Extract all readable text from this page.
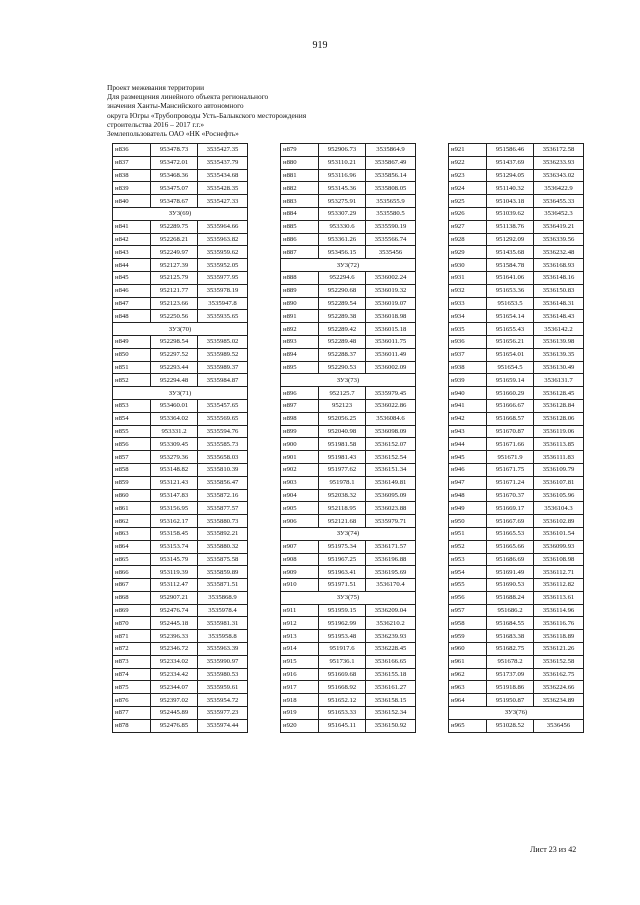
919
Проект межевания территории
Для размещения линейного объекта регионального
значения Ханты-Мансийского автономного
округа Югры «Трубопроводы Усть-Балыкского месторождения
строительства 2016 – 2017 г.г.»
Землепользователь ОАО «НК «Роснефть»
н836	953478.73	3535427.35
н837	953472.01	3535437.79
н838	953468.36	3535434.68
н839	953475.07	3535428.35
н840	953478.67	3535427.33
ЗУ3(69)		
н841	952289.75	3535964.66
н842	952268.21	3535963.82
н843	952249.97	3535959.62
н844	952127.39	3535952.05
н845	952125.79	3535977.95
н846	952121.77	3535978.19
н847	952123.66	3535947.8
н848	952250.56	3535935.65
ЗУ3(70)		
н849	952298.54	3535985.02
н850	952297.52	3535989.52
н851	952293.44	3535989.37
н852	952294.48	3535984.87
ЗУ3(71)		
н853	953460.01	3535457.65
н854	953364.02	3535569.65
н855	953331.2	3535594.76
н856	953309.45	3535585.73
н857	953279.36	3535658.03
н858	953148.82	3535810.39
н859	953121.43	3535856.47
н860	953147.83	3535872.16
н861	953156.95	3535877.57
н862	953162.17	3535880.73
н863	953158.45	3535892.21
н864	953153.74	3535880.32
н865	953145.79	3535875.58
н866	953119.39	3535859.89
н867	953112.47	3535871.51
н868	952907.21	3535868.9
н869	952476.74	3535978.4
н870	952445.18	3535981.31
н871	952396.33	3535958.8
н872	952346.72	3535963.39
н873	952334.02	3535990.97
н874	952334.42	3535980.53
н875	952344.07	3535959.61
н876	952397.02	3535954.72
н877	952445.89	3535977.23
н878	952476.85	3535974.44
н879	952906.73	3535864.9
н880	953110.21	3535867.49
н881	953116.96	3535856.14
н882	953145.36	3535808.05
н883	953275.91	3535655.9
н884	953307.29	3535580.5
н885	953330.6	3535590.19
н886	953361.26	3535566.74
н887	953456.15	3535456
ЗУ3(72)		
н888	952294.6	3536002.24
н889	952290.68	3536019.32
н890	952289.54	3536019.07
н891	952289.38	3536018.98
н892	952289.42	3536015.18
н893	952289.48	3536011.75
н894	952288.37	3536011.49
н895	952290.53	3536002.09
ЗУ3(73)		
н896	952125.7	3535979.45
н897	952123	3536022.86
н898	952056.25	3536084.6
н899	952040.98	3536098.09
н900	951981.58	3536152.07
н901	951981.43	3536152.54
н902	951977.62	3536151.34
н903	951978.1	3536149.81
н904	952038.32	3536095.09
н905	952118.95	3536023.88
н906	952121.68	3535979.71
ЗУ3(74)		
н907	951975.34	3536171.57
н908	951967.25	3536196.88
н909	951963.41	3536195.69
н910	951971.51	3536170.4
ЗУ3(75)		
н911	951959.15	3536209.04
н912	951962.99	3536210.2
н913	951953.48	3536239.93
н914	951917.6	3536228.45
н915	951736.1	3536166.65
н916	951669.68	3536155.18
н917	951668.92	3536161.27
н918	951652.12	3536158.15
н919	951653.33	3536152.34
н920	951645.11	3536150.92
н921	951586.46	3536172.58
н922	951437.69	3536233.93
н923	951294.05	3536343.02
н924	951140.32	3536422.9
н925	951043.18	3536455.33
н926	951039.62	3536452.3
н927	951138.76	3536419.21
н928	951292.09	3536339.56
н929	951435.68	3536232.48
н930	951584.78	3536168.93
н931	951641.06	3536148.16
н932	951653.36	3536150.83
н933	951653.5	3536148.31
н934	951654.14	3536148.43
н935	951655.43	3536142.2
н936	951656.21	3536139.98
н937	951654.01	3536139.35
н938	951654.5	3536130.49
н939	951659.14	3536131.7
н940	951660.29	3536128.45
н941	951666.67	3536128.84
н942	951668.57	3536128.06
н943	951670.87	3536119.06
н944	951671.66	3536113.85
н945	951671.9	3536111.83
н946	951671.75	3536109.79
н947	951671.24	3536107.81
н948	951670.37	3536105.96
н949	951669.17	3536104.3
н950	951667.69	3536102.89
н951	951665.53	3536101.54
н952	951665.66	3536099.93
н953	951686.69	3536108.98
н954	951691.49	3536112.71
н955	951690.53	3536112.82
н956	951688.24	3536113.61
н957	951686.2	3536114.96
н958	951684.55	3536116.76
н959	951683.38	3536118.89
н960	951682.75	3536121.26
н961	951678.2	3536152.58
н962	951737.09	3536162.75
н963	951918.86	3536224.66
н964	951950.87	3536234.89
ЗУ3(76)		
н965	951028.52	3536456
Лист 23 из 42
